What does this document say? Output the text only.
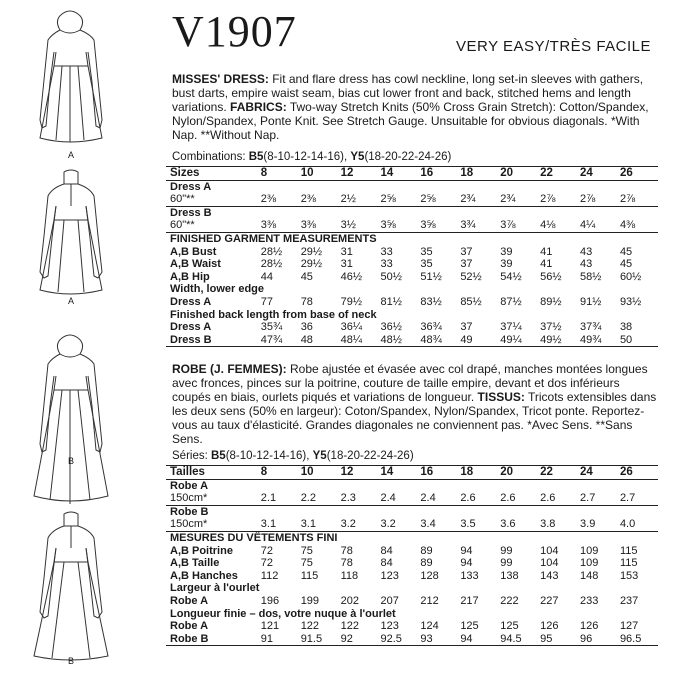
A
A
B
B
V1907	VERY EASY/TRÈS FACILE

MISSES' DRESS: Fit and flare dress has cowl neckline, long set-in sleeves with gathers, bust darts, empire waist seam, bias cut lower front and back, stitched hems and length variations. FABRICS: Two-way Stretch Knits (50% Cross Grain Stretch): Cotton/Spandex, Nylon/Spandex, Ponte Knit. See Stretch Gauge. Unsuitable for obvious diagonals. *With Nap. **Without Nap.

Combinations: B5(8-10-12-14-16), Y5(18-20-22-24-26)
Sizes	8	10	12	14	16	18	20	22	24	26
Dress A										
60"**	2⅜	2⅜	2½	2⅝	2⅝	2¾	2¾	2⅞	2⅞	2⅞
Dress B										
60"**	3⅜	3⅜	3½	3⅝	3⅝	3¾	3⅞	4⅛	4¼	4⅜
FINISHED GARMENT MEASUREMENTS										
A,B Bust	28½	29½	31	33	35	37	39	41	43	45
A,B Waist	28½	29½	31	33	35	37	39	41	43	45
A,B Hip	44	45	46½	50½	51½	52½	54½	56½	58½	60½
Width, lower edge										
Dress A	77	78	79½	81½	83½	85½	87½	89½	91½	93½
Finished back length from base of neck										
Dress A	35¾	36	36¼	36½	36¾	37	37¼	37½	37¾	38
Dress B	47¾	48	48¼	48½	48¾	49	49¼	49½	49¾	50

ROBE (J. FEMMES): Robe ajustée et évasée avec col drapé, manches montées longues avec fronces, pinces sur la poitrine, couture de taille empire, devant et dos inférieurs coupés en biais, ourlets piqués et variations de longueur. TISSUS: Tricots extensibles dans les deux sens (50% en largeur): Coton/Spandex, Nylon/Spandex, Tricot ponte. Reportez-vous au taux d'élasticité. Grandes diagonales ne conviennent pas. *Avec Sens. **Sans Sens.

Séries: B5(8-10-12-14-16), Y5(18-20-22-24-26)
Tailles	8	10	12	14	16	18	20	22	24	26
Robe A										
150cm*	2.1	2.2	2.3	2.4	2.4	2.6	2.6	2.6	2.7	2.7
Robe B										
150cm*	3.1	3.1	3.2	3.2	3.4	3.5	3.6	3.8	3.9	4.0
MESURES DU VÊTEMENTS FINI										
A,B Poitrine	72	75	78	84	89	94	99	104	109	115
A,B Taille	72	75	78	84	89	94	99	104	109	115
A,B Hanches	112	115	118	123	128	133	138	143	148	153
Largeur à l'ourlet										
Robe A	196	199	202	207	212	217	222	227	233	237
Longueur finie – dos, votre nuque à l'ourlet										
Robe A	121	122	122	123	124	125	125	126	126	127
Robe B	91	91.5	92	92.5	93	94	94.5	95	96	96.5
